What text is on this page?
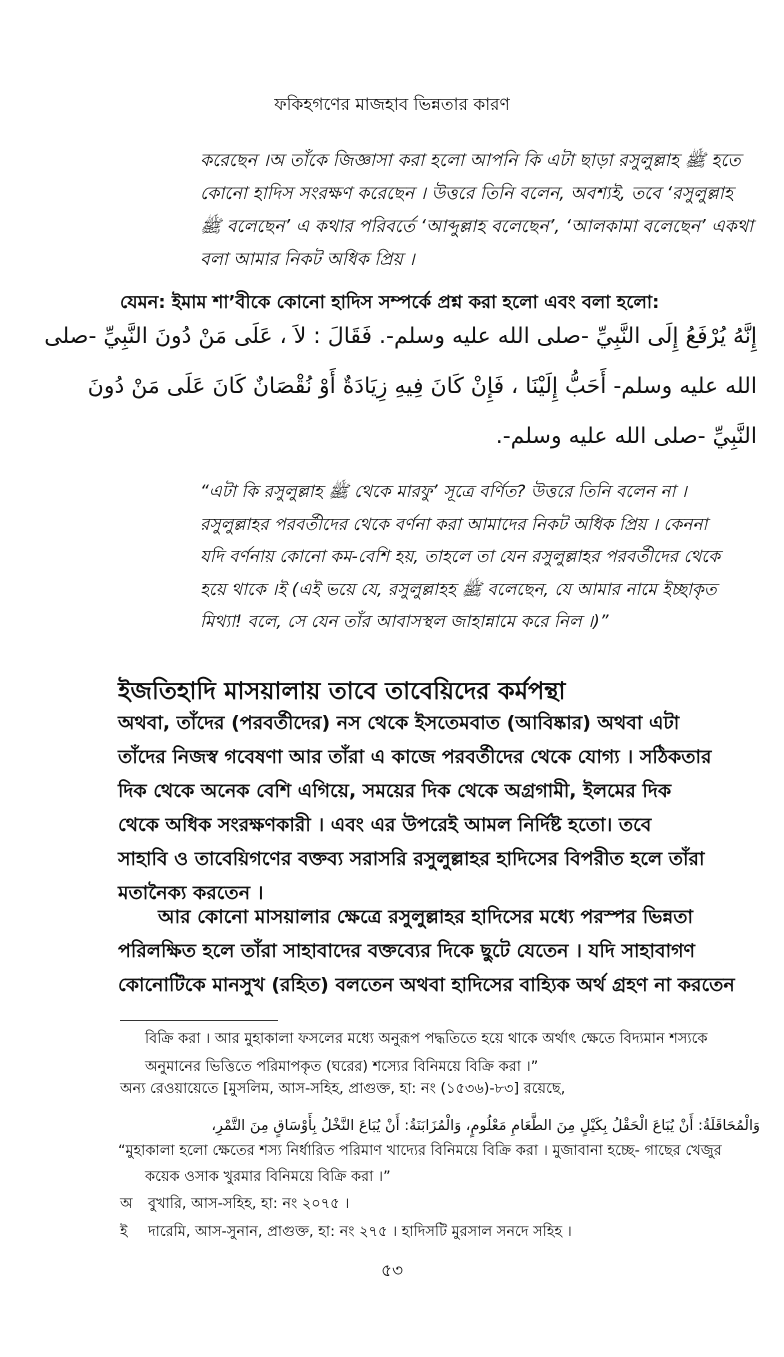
ফকিহগণের মাজহাব ভিন্নতার কারণ
করেছেন ।অ তাঁকে জিজ্ঞাসা করা হলো আপনি কি এটা ছাড়া রসুলুল্লাহ ﷺ হতে
কোনো হাদিস সংরক্ষণ করেছেন । উত্তরে তিনি বলেন, অবশ্যই, তবে ‘রসুলুল্লাহ
ﷺ বলেছেন’ এ কথার পরিবর্তে ‘আব্দুল্লাহ বলেছেন’, ‘আলকামা বলেছেন’ একথা
বলা আমার নিকট অধিক প্রিয় ।
যেমন: ইমাম শা’বীকে কোনো হাদিস সম্পর্কে প্রশ্ন করা হলো এবং বলা হলো:
إِنَّهُ يُرْفَعُ إِلَى النَّبِيِّ -صلى الله عليه وسلم-. فَقَالَ : لاَ ، عَلَى مَنْ دُونَ النَّبِيِّ -صلى
الله عليه وسلم- أَحَبُّ إِلَيْنَا ، فَإِنْ كَانَ فِيهِ زِيَادَةٌ أَوْ نُقْصَانٌ كَانَ عَلَى مَنْ دُونَ
النَّبِيِّ -صلى الله عليه وسلم-.
“এটা কি রসুলুল্লাহ ﷺ থেকে মারফু’ সূত্রে বর্ণিত? উত্তরে তিনি বলেন না ।
রসুলুল্লাহর পরবর্তীদের থেকে বর্ণনা করা আমাদের নিকট অধিক প্রিয় । কেননা
যদি বর্ণনায় কোনো কম-বেশি হয়, তাহলে তা যেন রসুলুল্লাহর পরবর্তীদের থেকে
হয়ে থাকে ।ই (এই ভয়ে যে, রসুলুল্লাহহ ﷺ বলেছেন, যে আমার নামে ইচ্ছাকৃত
মিথ্যা! বলে, সে যেন তাঁর আবাসস্থল জাহান্নামে করে নিল ।)”
ইজতিহাদি মাসয়ালায় তাবে তাবেয়িদের কর্মপন্থা
অথবা, তাঁদের (পরবর্তীদের) নস থেকে ইসতেমবাত (আবিষ্কার) অথবা এটা
তাঁদের নিজস্ব গবেষণা আর তাঁরা এ কাজে পরবর্তীদের থেকে যোগ্য । সঠিকতার
দিক থেকে অনেক বেশি এগিয়ে, সময়ের দিক থেকে অগ্রগামী, ইলমের দিক
থেকে অধিক সংরক্ষণকারী । এবং এর উপরেই আমল নির্দিষ্ট হতো। তবে
সাহাবি ও তাবেয়িগণের বক্তব্য সরাসরি রসুলুল্লাহর হাদিসের বিপরীত হলে তাঁরা
মতানৈক্য করতেন ।
আর কোনো মাসয়ালার ক্ষেত্রে রসুলুল্লাহর হাদিসের মধ্যে পরস্পর ভিন্নতা
পরিলক্ষিত হলে তাঁরা সাহাবাদের বক্তব্যের দিকে ছুটে যেতেন । যদি সাহাবাগণ
কোনোটিকে মানসুখ (রহিত) বলতেন অথবা হাদিসের বাহ্যিক অর্থ গ্রহণ না করতেন
বিক্রি করা । আর মুহাকালা ফসলের মধ্যে অনুরূপ পদ্ধতিতে হয়ে থাকে অর্থাৎ ক্ষেতে বিদ্যমান শস্যকে
অনুমানের ভিত্তিতে পরিমাপকৃত (ঘরের) শস্যের বিনিময়ে বিক্রি করা ।”
অন্য রেওয়ায়েতে [মুসলিম, আস-সহিহ, প্রাগুক্ত, হা: নং (১৫৩৬)-৮৩] রয়েছে,
وَالْمُحَاقَلَةُ: أَنْ يُبَاعَ الْحَقْلُ بِكَيْلٍ مِنَ الطَّعَامِ مَعْلُومٍ، وَالْمُزَابَنَةُ: أَنْ يُبَاعَ النَّخْلُ بِأَوْسَاقٍ مِنَ التَّمْرِ،
“মুহাকালা হলো ক্ষেতের শস্য নির্ধারিত পরিমাণ খাদ্যের বিনিময়ে বিক্রি করা । মুজাবানা হচ্ছে- গাছের খেজুর
কয়েক ওসাক খুরমার বিনিময়ে বিক্রি করা ।”
অ বুখারি, আস-সহিহ, হা: নং ২০৭৫ ।
ই দারেমি, আস-সুনান, প্রাগুক্ত, হা: নং ২৭৫ । হাদিসটি মুরসাল সনদে সহিহ ।
৫৩
